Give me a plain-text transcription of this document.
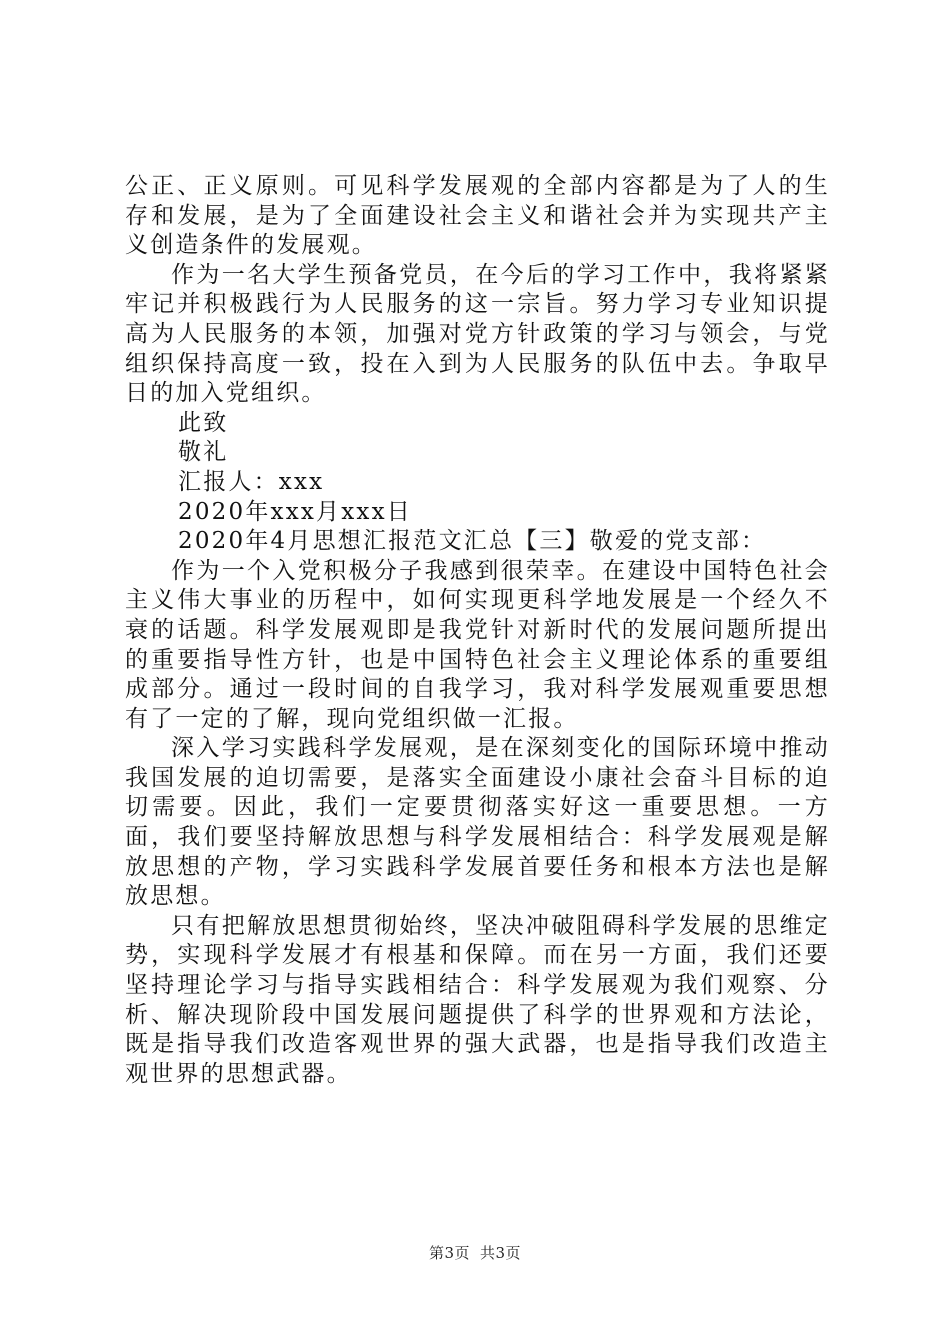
公正、正义原则。可见科学发展观的全部内容都是为了人的生存和发展，是为了全面建设社会主义和谐社会并为实现共产主义创造条件的发展观。

作为一名大学生预备党员，在今后的学习工作中，我将紧紧牢记并积极践行为人民服务的这一宗旨。努力学习专业知识提高为人民服务的本领，加强对党方针政策的学习与领会，与党组织保持高度一致，投在入到为人民服务的队伍中去。争取早日的加入党组织。

此致

敬礼

汇报人：xxx

2020年xxx月xxx日

2020年4月思想汇报范文汇总【三】敬爱的党支部：

作为一个入党积极分子我感到很荣幸。在建设中国特色社会主义伟大事业的历程中，如何实现更科学地发展是一个经久不衰的话题。科学发展观即是我党针对新时代的发展问题所提出的重要指导性方针，也是中国特色社会主义理论体系的重要组成部分。通过一段时间的自我学习，我对科学发展观重要思想有了一定的了解，现向党组织做一汇报。

深入学习实践科学发展观，是在深刻变化的国际环境中推动我国发展的迫切需要，是落实全面建设小康社会奋斗目标的迫切需要。因此，我们一定要贯彻落实好这一重要思想。一方面，我们要坚持解放思想与科学发展相结合：科学发展观是解放思想的产物，学习实践科学发展首要任务和根本方法也是解放思想。

只有把解放思想贯彻始终，坚决冲破阻碍科学发展的思维定势，实现科学发展才有根基和保障。而在另一方面，我们还要坚持理论学习与指导实践相结合：科学发展观为我们观察、分析、解决现阶段中国发展问题提供了科学的世界观和方法论，既是指导我们改造客观世界的强大武器，也是指导我们改造主观世界的思想武器。

第3页 共3页
